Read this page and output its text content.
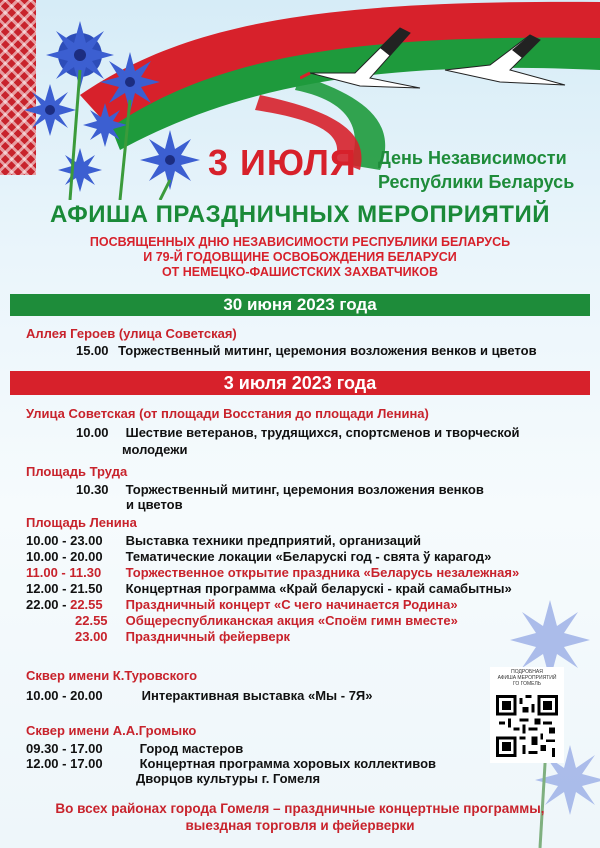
3 ИЮЛЯ День Независимости
Республики Беларусь
АФИША ПРАЗДНИЧНЫХ МЕРОПРИЯТИЙ
ПОСВЯЩЕННЫХ ДНЮ НЕЗАВИСИМОСТИ РЕСПУБЛИКИ БЕЛАРУСЬ
И 79-Й ГОДОВЩИНЕ ОСВОБОЖДЕНИЯ БЕЛАРУСИ
ОТ НЕМЕЦКО-ФАШИСТСКИХ ЗАХВАТЧИКОВ
30 июня 2023 года
Аллея Героев (улица Советская)
15.00 Торжественный митинг, церемония возложения венков и цветов
3 июля 2023 года
Улица Советская (от площади Восстания до площади Ленина)
10.00 Шествие ветеранов, трудящихся, спортсменов и творческой
молодежи
Площадь Труда
10.30 Торжественный митинг, церемония возложения венков
и цветов
Площадь Ленина
10.00 - 23.00 Выставка техники предприятий, организаций
10.00 - 20.00 Тематические локации «Беларускі год - свята ў карагод»
11.00 - 11.30 Торжественное открытие праздника «Беларусь незалежная»
12.00 - 21.50 Концертная программа «Край беларускі - край самабытны»
22.00 - 22.55 Праздничный концерт «С чего начинается Родина»
22.55 Общереспубликанская акция «Споём гимн вместе»
23.00 Праздничный фейерверк
Сквер имени К.Туровского
10.00 - 20.00	Интерактивная выставка «Мы - 7Я»
Сквер имени А.А.Громыко
09.30 - 17.00	Город мастеров
12.00 - 17.00	Концертная программа хоровых коллективов
Дворцов культуры г. Гомеля
ПОДРОБНАЯ
АФИША МЕРОПРИЯТИЙ
ГО ГОМЕЛЬ
Во всех районах города Гомеля – праздничные концертные программы,
выездная торговля и фейерверки
